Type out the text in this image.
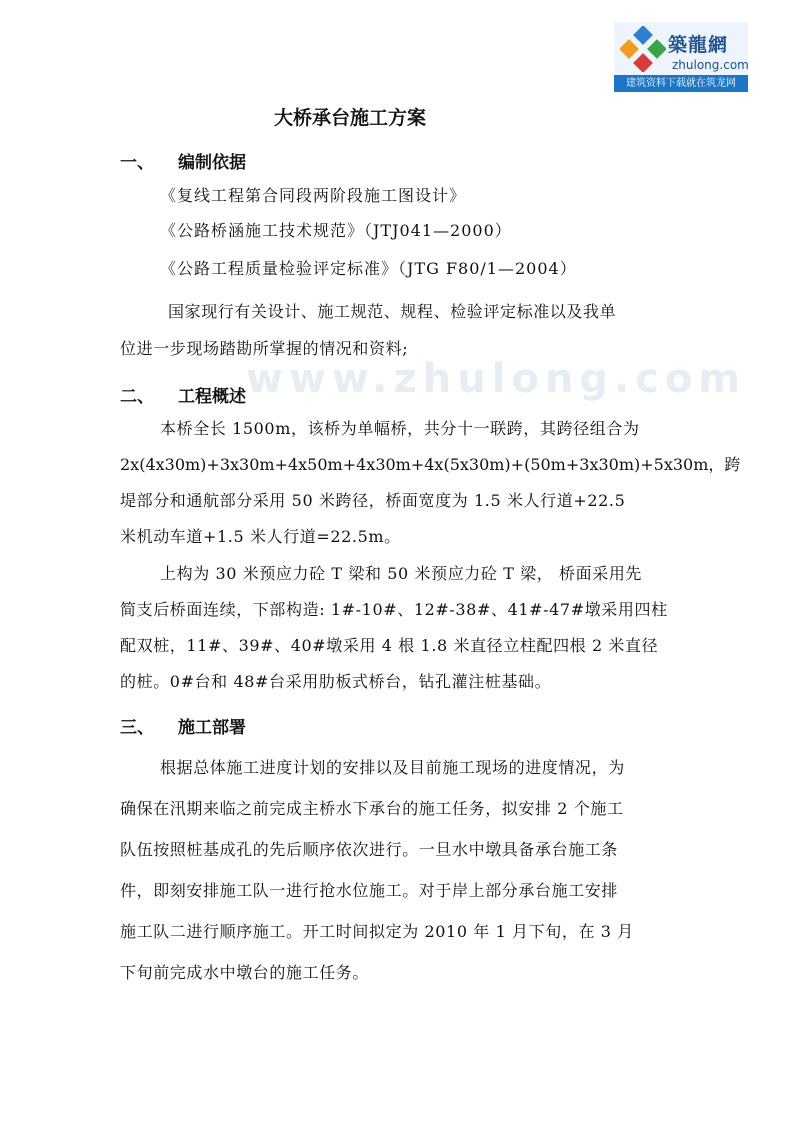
www.zhulong.com
築龍網
zhulong.com
建筑资料下载就在筑龙网
大桥承台施工方案
一、 编制依据
《复线工程第合同段两阶段施工图设计》
《公路桥涵施工技术规范》（JTJ041—2000）
《公路工程质量检验评定标准》（JTG F80/1—2004）
国家现行有关设计、施工规范、规程、检验评定标准以及我单
位进一步现场踏勘所掌握的情况和资料;
二、 工程概述
本桥全长 1500m，该桥为单幅桥，共分十一联跨，其跨径组合为
2x(4x30m)+3x30m+4x50m+4x30m+4x(5x30m)+(50m+3x30m)+5x30m，跨
堤部分和通航部分采用 50 米跨径，桥面宽度为 1.5 米人行道+22.5
米机动车道+1.5 米人行道=22.5m。
上构为 30 米预应力砼 T 梁和 50 米预应力砼 T 梁， 桥面采用先
简支后桥面连续，下部构造: 1#-10#、12#-38#、41#-47#墩采用四柱
配双桩，11#、39#、40#墩采用 4 根 1.8 米直径立柱配四根 2 米直径
的桩。0#台和 48#台采用肋板式桥台，钻孔灌注桩基础。
三、 施工部署
根据总体施工进度计划的安排以及目前施工现场的进度情况，为
确保在汛期来临之前完成主桥水下承台的施工任务，拟安排 2 个施工
队伍按照桩基成孔的先后顺序依次进行。一旦水中墩具备承台施工条
件，即刻安排施工队一进行抢水位施工。对于岸上部分承台施工安排
施工队二进行顺序施工。开工时间拟定为 2010 年 1 月下旬，在 3 月
下旬前完成水中墩台的施工任务。
